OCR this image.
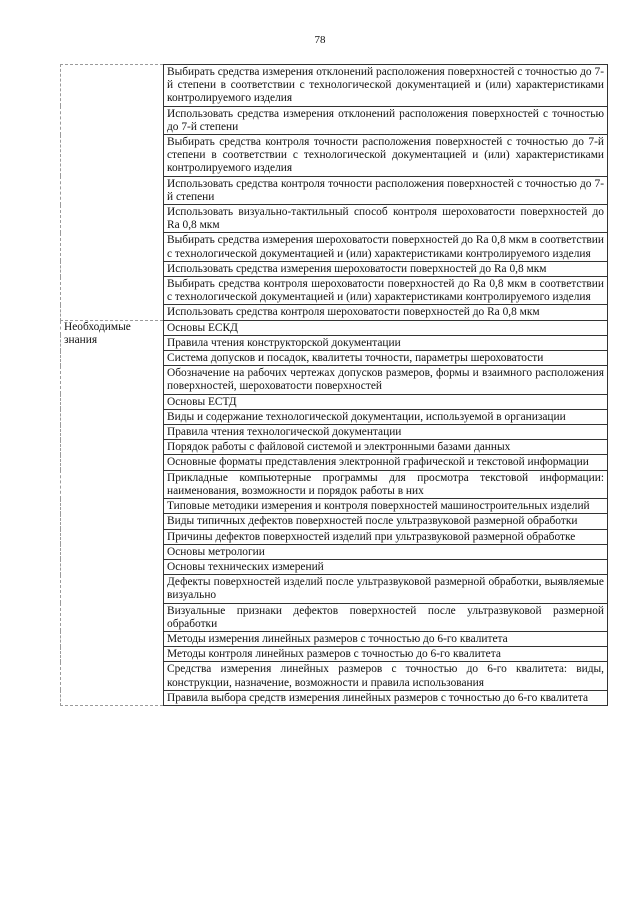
78
	Выбирать средства измерения отклонений расположения поверхностей с точностью до 7-й степени в соответствии с технологической документацией и (или) характеристиками контролируемого изделия
	Использовать средства измерения отклонений расположения поверхностей с точностью до 7-й степени
	Выбирать средства контроля точности расположения поверхностей с точностью до 7-й степени в соответствии с технологической документацией и (или) характеристиками контролируемого изделия
	Использовать средства контроля точности расположения поверхностей с точностью до 7-й степени
	Использовать визуально-тактильный способ контроля шероховатости поверхностей до Ra 0,8 мкм
	Выбирать средства измерения шероховатости поверхностей до Ra 0,8 мкм в соответствии с технологической документацией и (или) характеристиками контролируемого изделия
	Использовать средства измерения шероховатости поверхностей до Ra 0,8 мкм
	Выбирать средства контроля шероховатости поверхностей до Ra 0,8 мкм в соответствии с технологической документацией и (или) характеристиками контролируемого изделия
	Использовать средства контроля шероховатости поверхностей до Ra 0,8 мкм

Необходимые знания	Основы ЕСКД
	Правила чтения конструкторской документации
	Система допусков и посадок, квалитеты точности, параметры шероховатости
	Обозначение на рабочих чертежах допусков размеров, формы и взаимного расположения поверхностей, шероховатости поверхностей
	Основы ЕСТД
	Виды и содержание технологической документации, используемой в организации
	Правила чтения технологической документации
	Порядок работы с файловой системой и электронными базами данных
	Основные форматы представления электронной графической и текстовой информации
	Прикладные компьютерные программы для просмотра текстовой информации: наименования, возможности и порядок работы в них
	Типовые методики измерения и контроля поверхностей машиностроительных изделий
	Виды типичных дефектов поверхностей после ультразвуковой размерной обработки
	Причины дефектов поверхностей изделий при ультразвуковой размерной обработке
	Основы метрологии
	Основы технических измерений
	Дефекты поверхностей изделий после ультразвуковой размерной обработки, выявляемые визуально
	Визуальные признаки дефектов поверхностей после ультразвуковой размерной обработки
	Методы измерения линейных размеров с точностью до 6-го квалитета
	Методы контроля линейных размеров с точностью до 6-го квалитета
	Средства измерения линейных размеров с точностью до 6-го квалитета: виды, конструкции, назначение, возможности и правила использования
	Правила выбора средств измерения линейных размеров с точностью до 6-го квалитета
